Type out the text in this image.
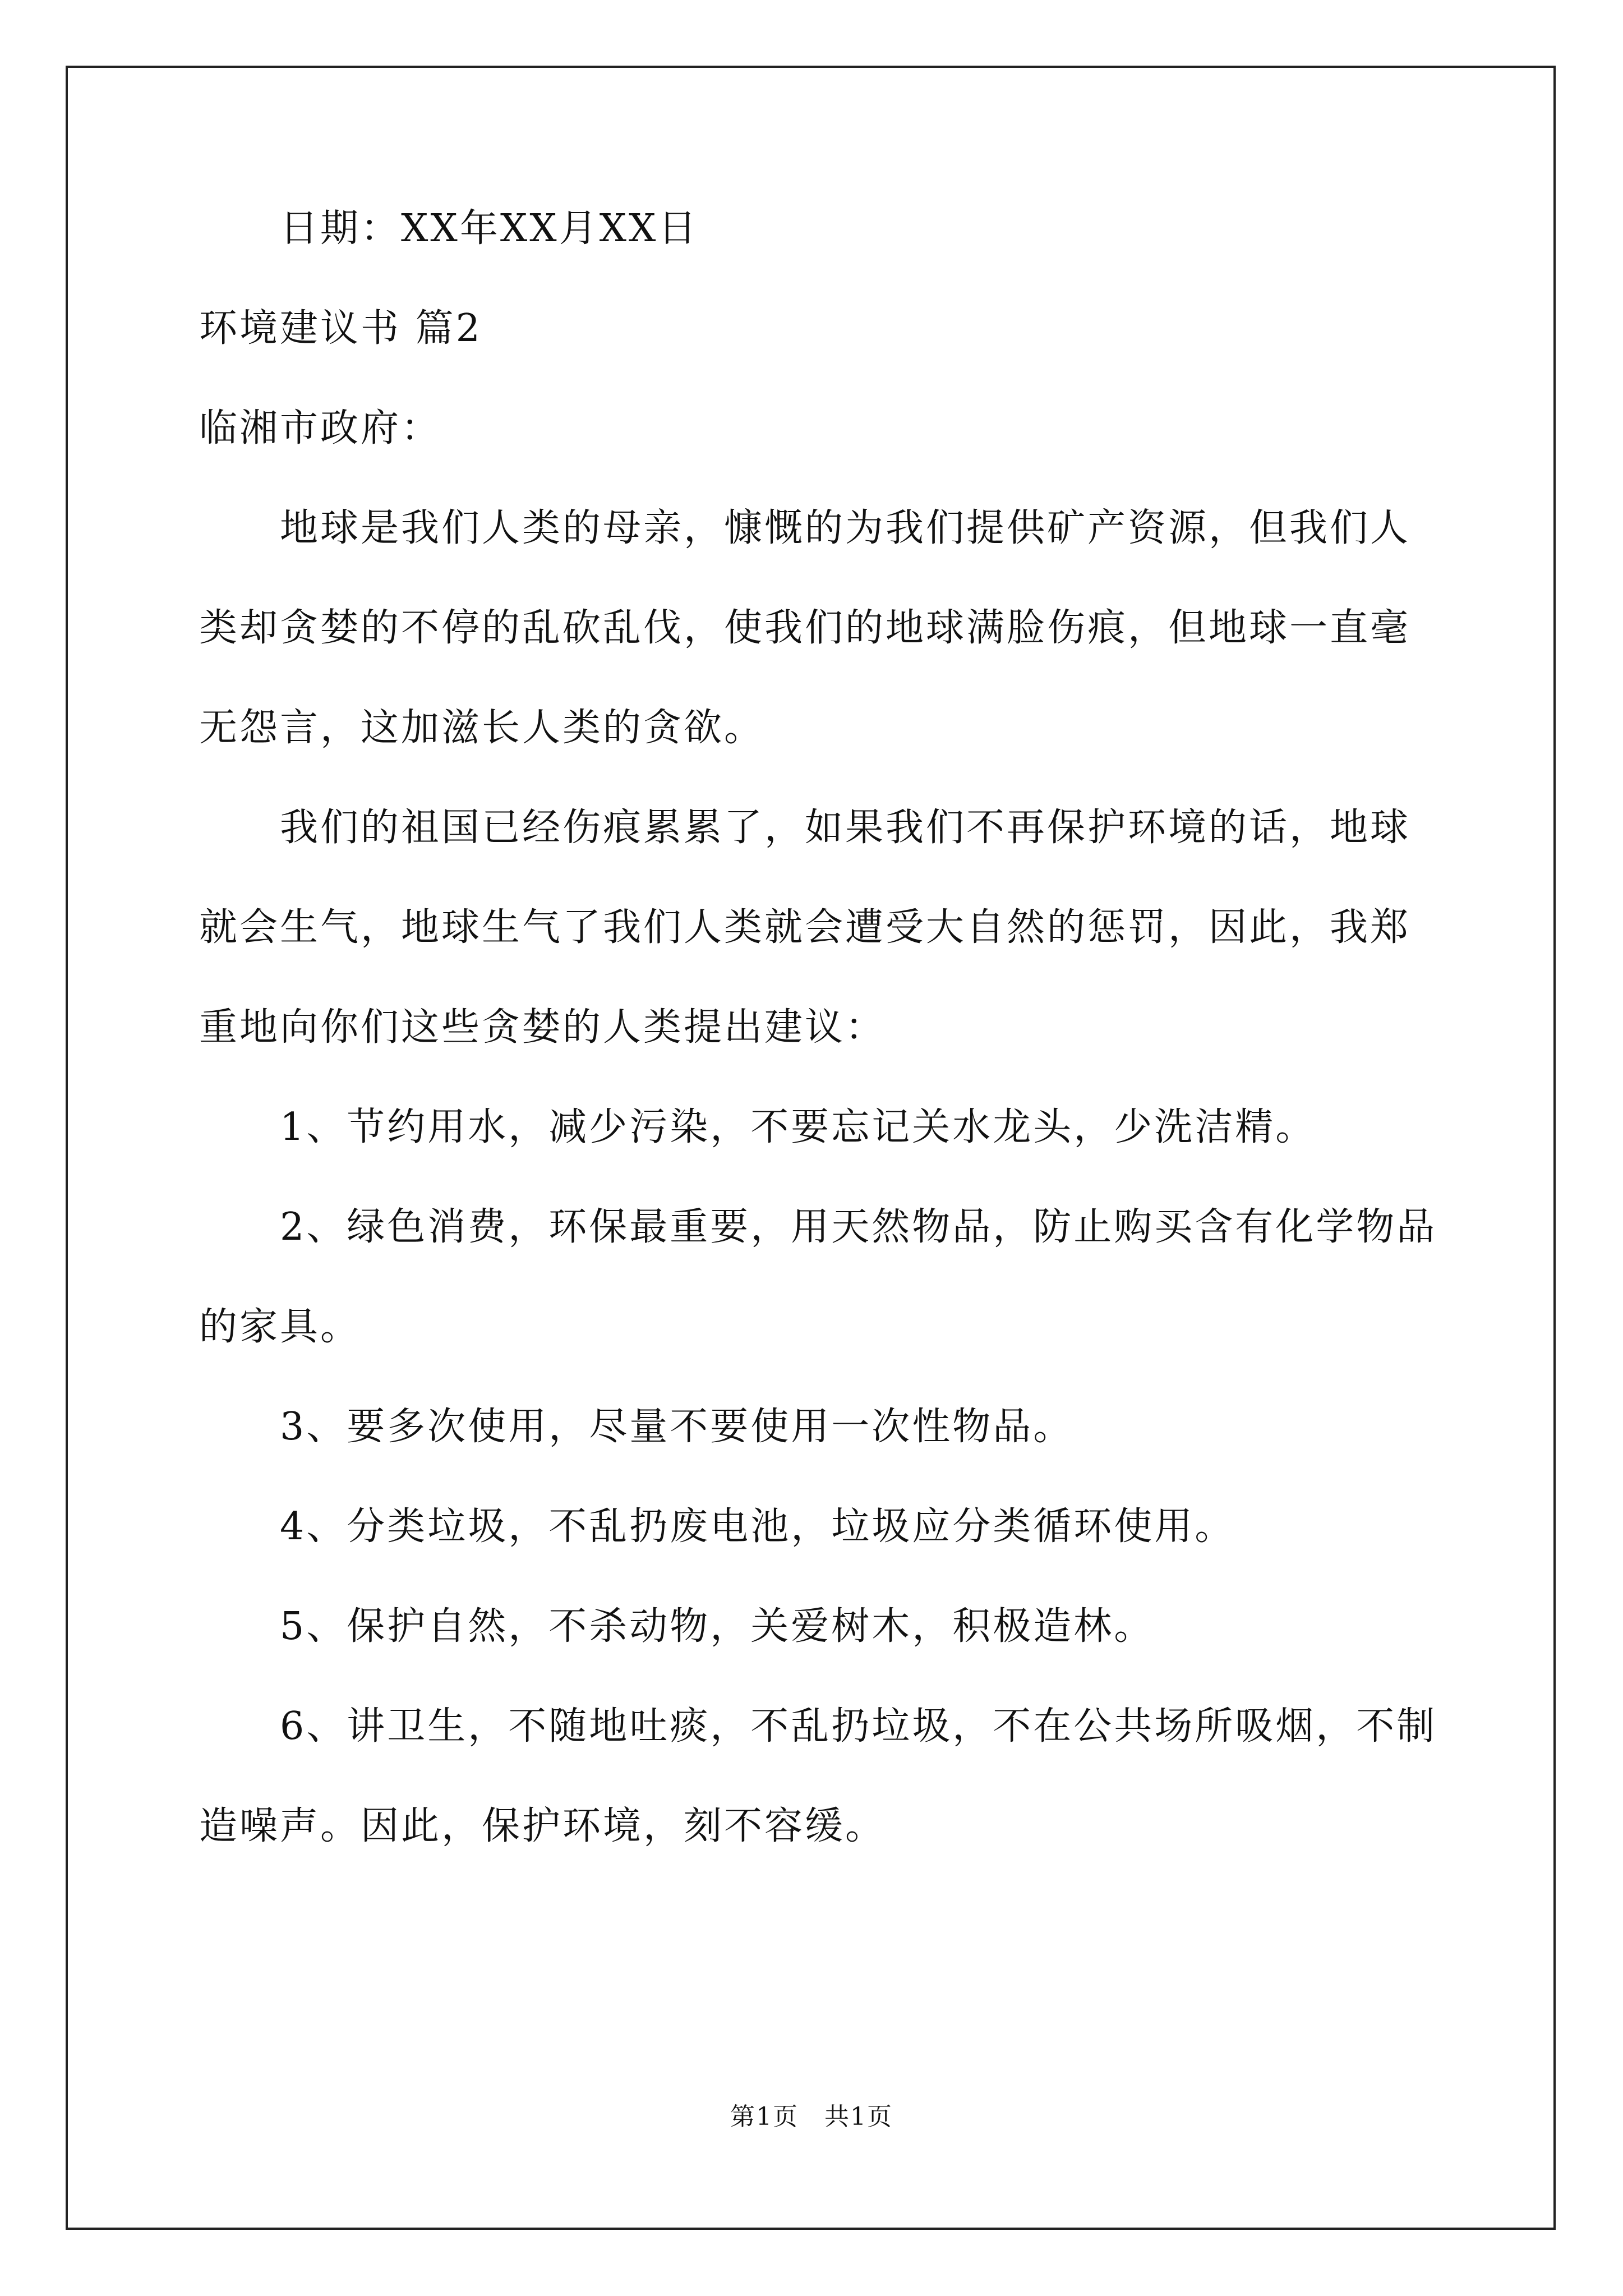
日期：XX年XX月XX日
环境建议书 篇2
临湘市政府：
地球是我们人类的母亲，慷慨的为我们提供矿产资源，但我们人
类却贪婪的不停的乱砍乱伐，使我们的地球满脸伤痕，但地球一直毫
无怨言，这加滋长人类的贪欲。
我们的祖国已经伤痕累累了，如果我们不再保护环境的话，地球
就会生气，地球生气了我们人类就会遭受大自然的惩罚，因此，我郑
重地向你们这些贪婪的人类提出建议：
1、节约用水，减少污染，不要忘记关水龙头，少洗洁精。
2、绿色消费，环保最重要，用天然物品，防止购买含有化学物品
的家具。
3、要多次使用，尽量不要使用一次性物品。
4、分类垃圾，不乱扔废电池，垃圾应分类循环使用。
5、保护自然，不杀动物，关爱树木，积极造林。
6、讲卫生，不随地吐痰，不乱扔垃圾，不在公共场所吸烟，不制
造噪声。因此，保护环境，刻不容缓。
第1页　共1页
